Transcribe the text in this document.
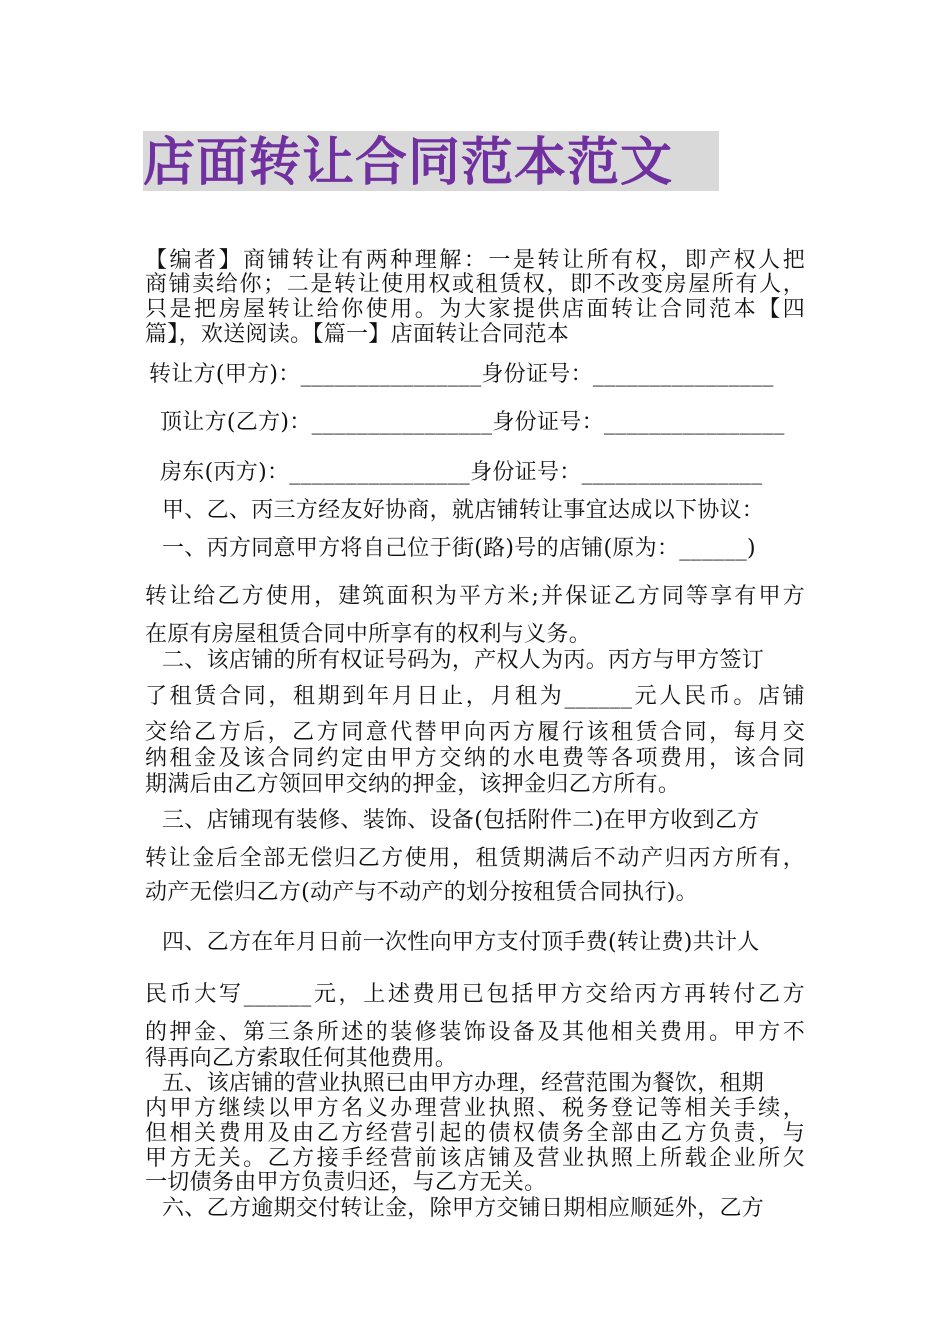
店面转让合同范本范文
【编者】商铺转让有两种理解：一是转让所有权，即产权人把
商铺卖给你；二是转让使用权或租赁权，即不改变房屋所有人，
只是把房屋转让给你使用。为大家提供店面转让合同范本【四
篇】，欢送阅读。【篇一】店面转让合同范本
转让方(甲方)：________________身份证号：________________
顶让方(乙方)：________________身份证号：________________
房东(丙方)：________________身份证号：________________
甲、乙、丙三方经友好协商，就店铺转让事宜达成以下协议：
一、丙方同意甲方将自己位于街(路)号的店铺(原为：______)
转让给乙方使用，建筑面积为平方米;并保证乙方同等享有甲方
在原有房屋租赁合同中所享有的权利与义务。
二、该店铺的所有权证号码为，产权人为丙。丙方与甲方签订
了租赁合同，租期到年月日止，月租为______元人民币。店铺
交给乙方后，乙方同意代替甲向丙方履行该租赁合同，每月交
纳租金及该合同约定由甲方交纳的水电费等各项费用，该合同
期满后由乙方领回甲交纳的押金，该押金归乙方所有。
三、店铺现有装修、装饰、设备(包括附件二)在甲方收到乙方
转让金后全部无偿归乙方使用，租赁期满后不动产归丙方所有，
动产无偿归乙方(动产与不动产的划分按租赁合同执行)。
四、乙方在年月日前一次性向甲方支付顶手费(转让费)共计人
民币大写______元，上述费用已包括甲方交给丙方再转付乙方
的押金、第三条所述的装修装饰设备及其他相关费用。甲方不
得再向乙方索取任何其他费用。
五、该店铺的营业执照已由甲方办理，经营范围为餐饮，租期
内甲方继续以甲方名义办理营业执照、税务登记等相关手续，
但相关费用及由乙方经营引起的债权债务全部由乙方负责，与
甲方无关。乙方接手经营前该店铺及营业执照上所载企业所欠
一切债务由甲方负责归还，与乙方无关。
六、乙方逾期交付转让金，除甲方交铺日期相应顺延外，乙方
